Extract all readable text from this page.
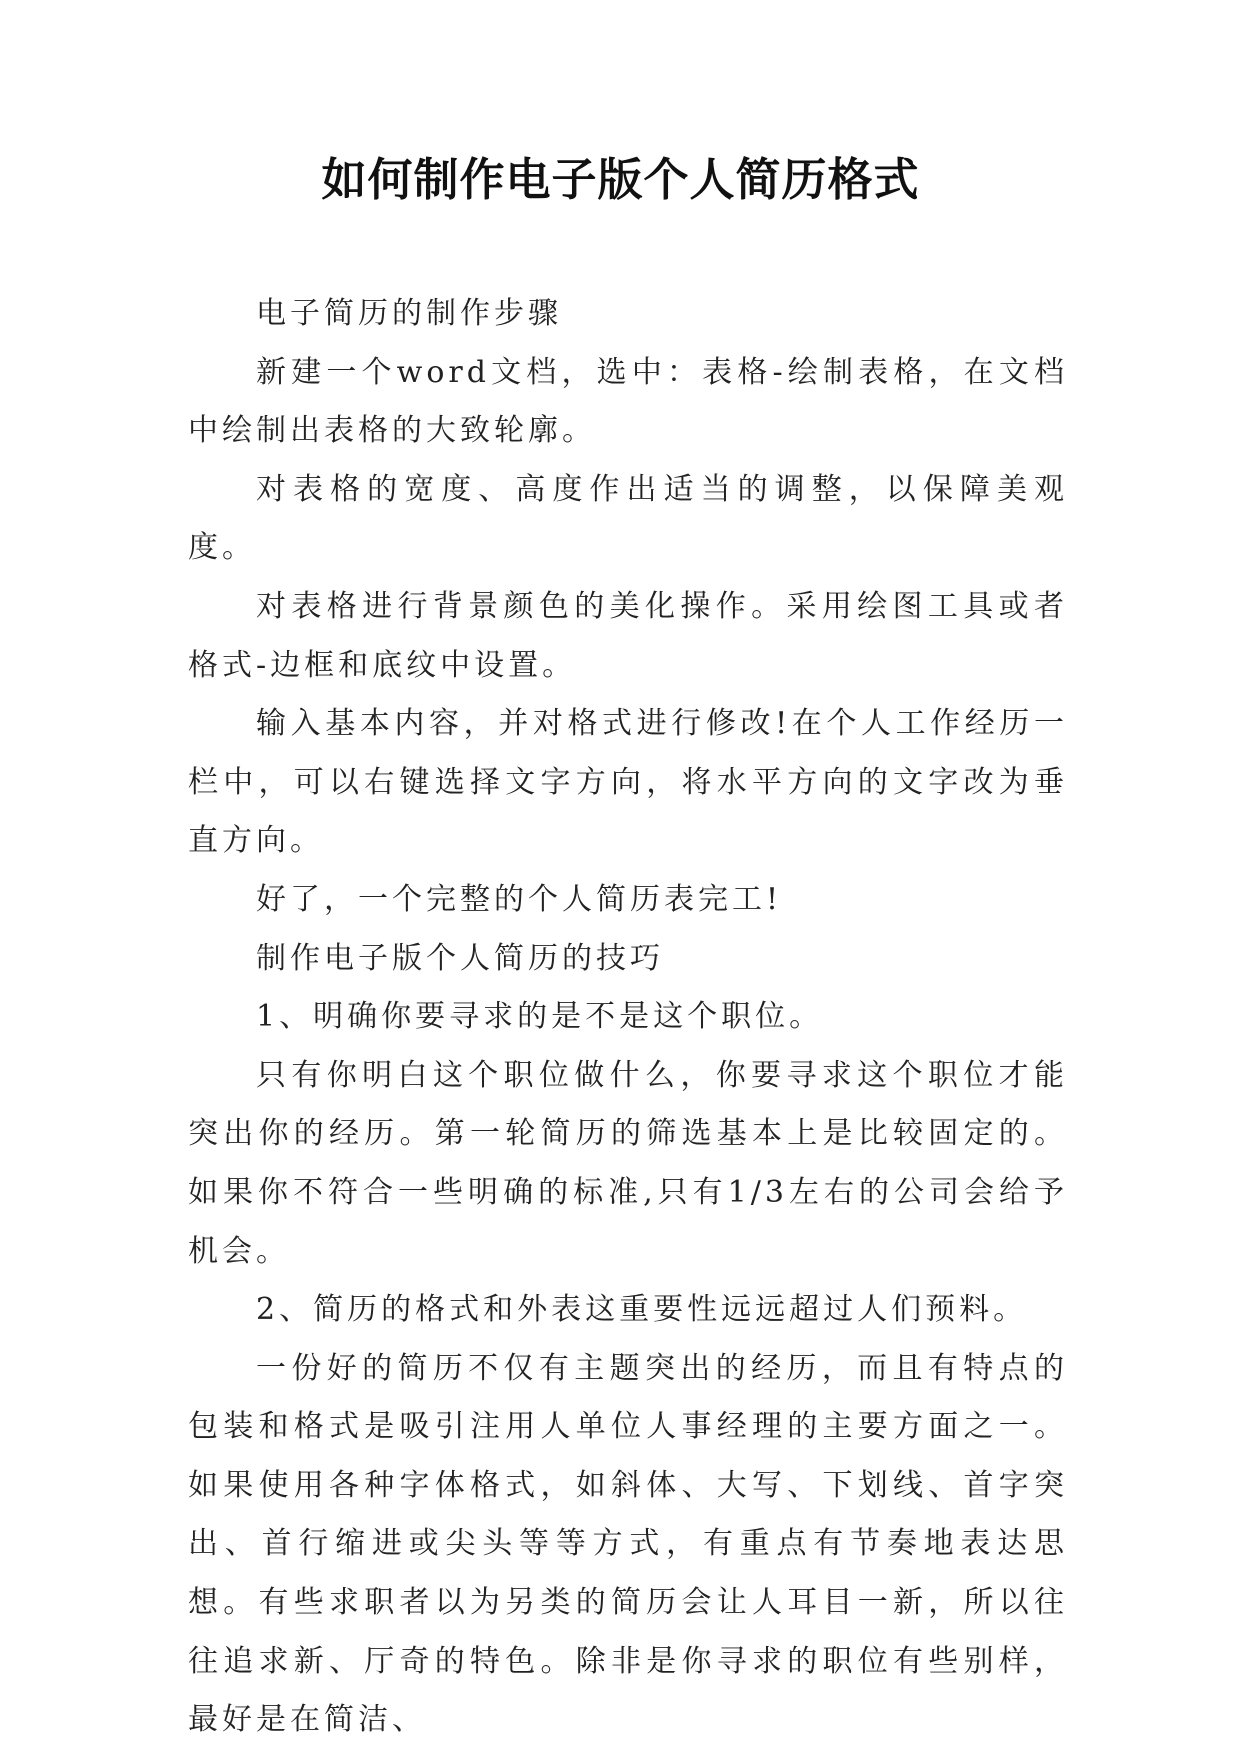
如何制作电子版个人简历格式

电子简历的制作步骤

新建一个word文档，选中：表格-绘制表格，在文档中绘制出表格的大致轮廓。

对表格的宽度、高度作出适当的调整，以保障美观度。

对表格进行背景颜色的美化操作。采用绘图工具或者格式-边框和底纹中设置。

输入基本内容，并对格式进行修改!在个人工作经历一栏中，可以右键选择文字方向，将水平方向的文字改为垂直方向。

好了，一个完整的个人简历表完工!

制作电子版个人简历的技巧

1、明确你要寻求的是不是这个职位。

只有你明白这个职位做什么，你要寻求这个职位才能突出你的经历。第一轮简历的筛选基本上是比较固定的。如果你不符合一些明确的标准,只有1/3左右的公司会给予机会。

2、简历的格式和外表这重要性远远超过人们预料。

一份好的简历不仅有主题突出的经历，而且有特点的包装和格式是吸引注用人单位人事经理的主要方面之一。如果使用各种字体格式，如斜体、大写、下划线、首字突出、首行缩进或尖头等等方式，有重点有节奏地表达思想。有些求职者以为另类的简历会让人耳目一新，所以往往追求新、厅奇的特色。除非是你寻求的职位有些别样，最好是在简洁、
